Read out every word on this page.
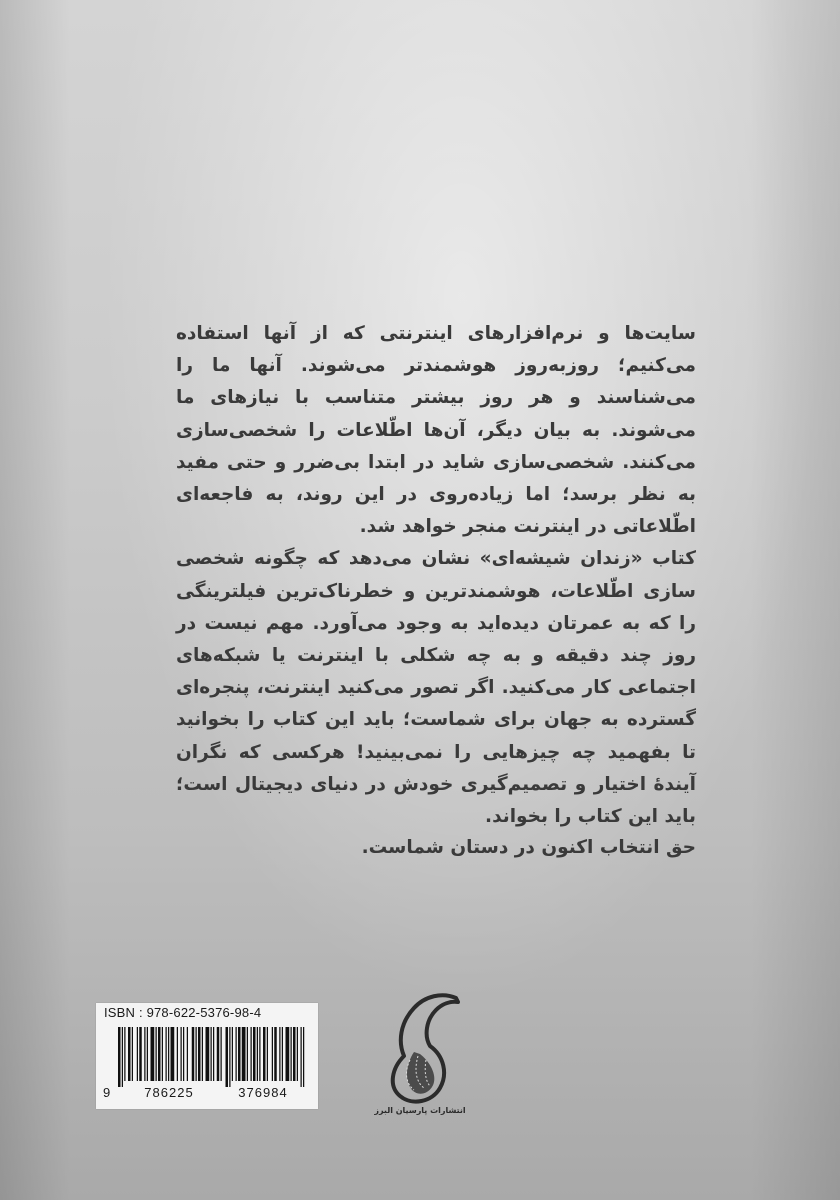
سایت‌ها و نرم‌افزارهای اینترنتی که از آنها استفاده می‌کنیم؛ روزبه‌روز هوشمندتر می‌شوند. آنها ما را می‌شناسند و هر روز بیشتر متناسب با نیازهای ما می‌شوند. به بیان دیگر، آن‌ها اطّلاعات را شخصی‌سازی می‌کنند. شخصی‌سازی شاید در ابتدا بی‌ضرر و حتی مفید به نظر برسد؛ اما زیاده‌روی در این روند، به فاجعه‌ای اطّلاعاتی در اینترنت منجر خواهد شد.

کتاب «زندان شیشه‌ای» نشان می‌دهد که چگونه شخصی سازی اطّلاعات، هوشمندترین و خطرناک‌ترین فیلترینگی را که به عمرتان دیده‌اید به وجود می‌آورد. مهم نیست در روز چند دقیقه و به چه شکلی با اینترنت یا شبکه‌های اجتماعی کار می‌کنید. اگر تصور می‌کنید اینترنت، پنجره‌ای گسترده به جهان برای شماست؛ باید این کتاب را بخوانید تا بفهمید چه چیزهایی را نمی‌بینید! هرکسی که نگران آیندهٔ اختیار و تصمیم‌گیری خودش در دنیای دیجیتال است؛ باید این کتاب را بخواند.

حق انتخاب اکنون در دستان شماست.

ISBN : 978-622-5376-98-4
9	786225	376984
انتشارات پارسیان البرز
